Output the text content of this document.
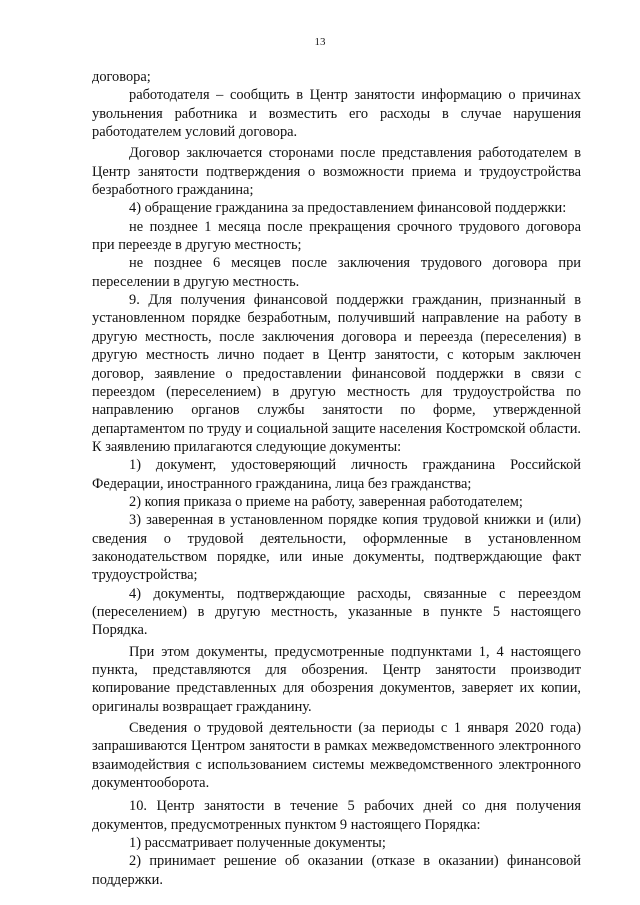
13

договора;

работодателя – сообщить в Центр занятости информацию о причинах увольнения работника и возместить его расходы в случае нарушения работодателем условий договора.

Договор заключается сторонами после представления работодателем в Центр занятости подтверждения о возможности приема и трудоустройства безработного гражданина;

4) обращение гражданина за предоставлением финансовой поддержки:

не позднее 1 месяца после прекращения срочного трудового договора при переезде в другую местность;

не позднее 6 месяцев после заключения трудового договора при переселении в другую местность.

9. Для получения финансовой поддержки гражданин, признанный в установленном порядке безработным, получивший направление на работу в другую местность, после заключения договора и переезда (переселения) в другую местность лично подает в Центр занятости, с которым заключен договор, заявление о предоставлении финансовой поддержки в связи с переездом (переселением) в другую местность для трудоустройства по направлению органов службы занятости по форме, утвержденной департаментом по труду и социальной защите населения Костромской области. К заявлению прилагаются следующие документы:

1) документ, удостоверяющий личность гражданина Российской Федерации, иностранного гражданина, лица без гражданства;

2) копия приказа о приеме на работу, заверенная работодателем;

3) заверенная в установленном порядке копия трудовой книжки и (или) сведения о трудовой деятельности, оформленные в установленном законодательством порядке, или иные документы, подтверждающие факт трудоустройства;

4) документы, подтверждающие расходы, связанные с переездом (переселением) в другую местность, указанные в пункте 5 настоящего Порядка.

При этом документы, предусмотренные подпунктами 1, 4 настоящего пункта, представляются для обозрения. Центр занятости производит копирование представленных для обозрения документов, заверяет их копии, оригиналы возвращает гражданину.

Сведения о трудовой деятельности (за периоды с 1 января 2020 года) запрашиваются Центром занятости в рамках межведомственного электронного взаимодействия с использованием системы межведомственного электронного документооборота.

10. Центр занятости в течение 5 рабочих дней со дня получения документов, предусмотренных пунктом 9 настоящего Порядка:

1) рассматривает полученные документы;

2) принимает решение об оказании (отказе в оказании) финансовой поддержки.
